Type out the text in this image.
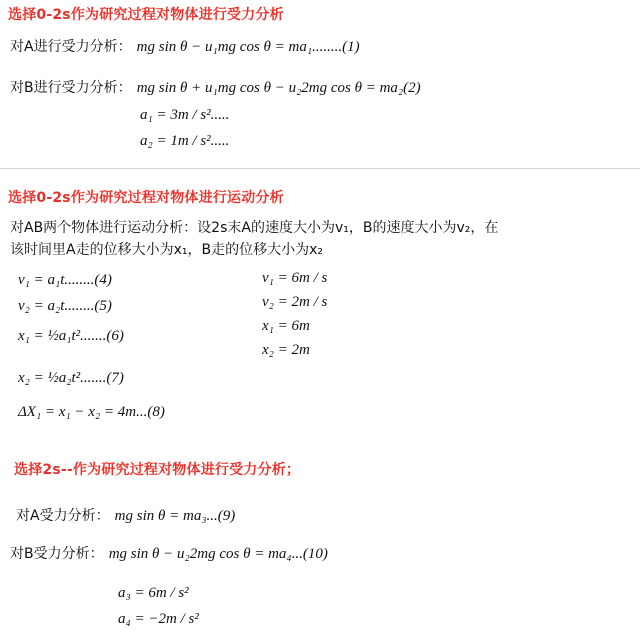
选择0-2s作为研究过程对物体进行受力分析
对A进行受力分析： mg sin θ − u₁mg cos θ = ma₁........(1)
对B进行受力分析： mg sin θ + u₁mg cos θ − u₂2mg cos θ = ma₂(2)
a₁ = 3m / s².....
a₂ = 1m / s².....
选择0-2s作为研究过程对物体进行运动分析
对AB两个物体进行运动分析：设2s末A的速度大小为v₁，B的速度大小为v₂，在
该时间里A走的位移大小为x₁，B走的位移大小为x₂
v₁ = a₁t........(4)
v₂ = a₂t........(5)
x₁ = ½a₁t².......(6)
x₂ = ½a₂t².......(7)
ΔX₁ = x₁ − x₂ = 4m...(8)
v₁ = 6m / s
v₂ = 2m / s
x₁ = 6m
x₂ = 2m
选择2s--作为研究过程对物体进行受力分析；
对A受力分析： mg sin θ = ma₃...(9)
对B受力分析： mg sin θ − u₂2mg cos θ = ma₄...(10)
a₃ = 6m / s²
a₄ = −2m / s²
